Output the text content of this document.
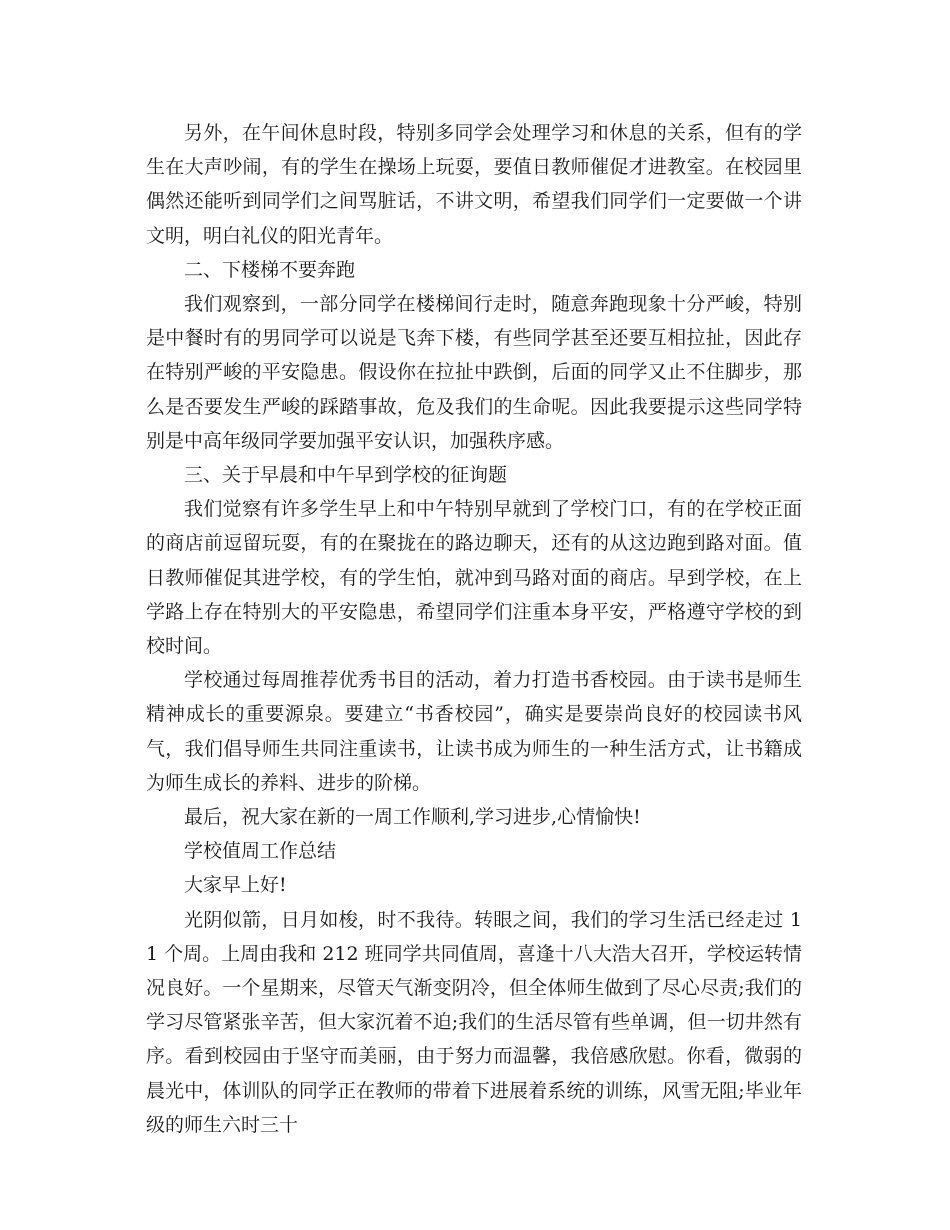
另外，在午间休息时段，特别多同学会处理学习和休息的关系，但有的学生在大声吵闹，有的学生在操场上玩耍，要值日教师催促才进教室。在校园里偶然还能听到同学们之间骂脏话，不讲文明，希望我们同学们一定要做一个讲文明，明白礼仪的阳光青年。

二、下楼梯不要奔跑

我们观察到，一部分同学在楼梯间行走时，随意奔跑现象十分严峻，特别是中餐时有的男同学可以说是飞奔下楼，有些同学甚至还要互相拉扯，因此存在特别严峻的平安隐患。假设你在拉扯中跌倒，后面的同学又止不住脚步，那么是否要发生严峻的踩踏事故，危及我们的生命呢。因此我要提示这些同学特别是中高年级同学要加强平安认识，加强秩序感。

三、关于早晨和中午早到学校的征询题

我们觉察有许多学生早上和中午特别早就到了学校门口，有的在学校正面的商店前逗留玩耍，有的在聚拢在的路边聊天，还有的从这边跑到路对面。值日教师催促其进学校，有的学生怕，就冲到马路对面的商店。早到学校，在上学路上存在特别大的平安隐患，希望同学们注重本身平安，严格遵守学校的到校时间。

学校通过每周推荐优秀书目的活动，着力打造书香校园。由于读书是师生精神成长的重要源泉。要建立“书香校园”，确实是要崇尚良好的校园读书风气，我们倡导师生共同注重读书，让读书成为师生的一种生活方式，让书籍成为师生成长的养料、进步的阶梯。

最后，祝大家在新的一周工作顺利,学习进步,心情愉快!

学校值周工作总结

大家早上好!

光阴似箭，日月如梭，时不我待。转眼之间，我们的学习生活已经走过 11 个周。上周由我和 212 班同学共同值周，喜逢十八大浩大召开，学校运转情况良好。一个星期来，尽管天气渐变阴冷，但全体师生做到了尽心尽责;我们的学习尽管紧张辛苦，但大家沉着不迫;我们的生活尽管有些单调，但一切井然有序。看到校园由于坚守而美丽，由于努力而温馨，我倍感欣慰。你看，微弱的晨光中，体训队的同学正在教师的带着下进展着系统的训练，风雪无阻;毕业年级的师生六时三十
